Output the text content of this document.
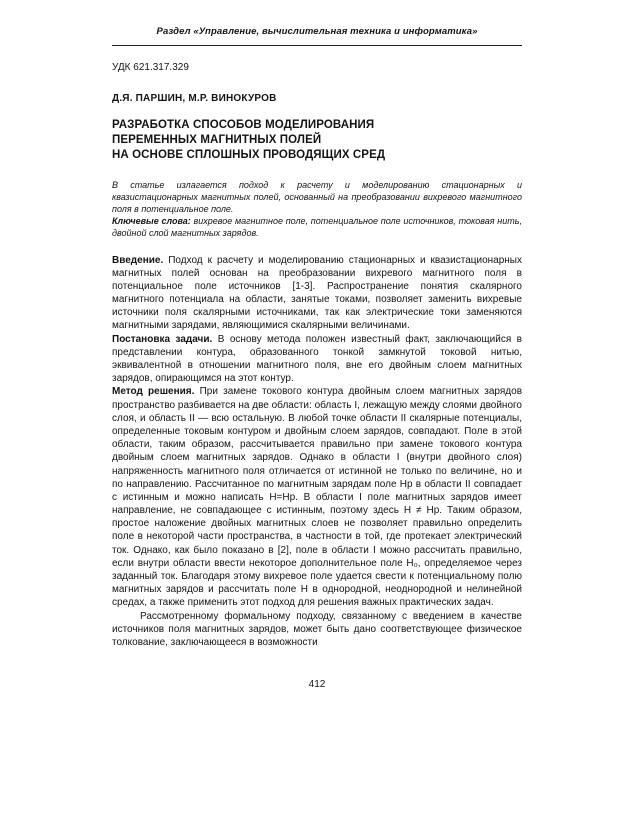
Раздел «Управление, вычислительная техника и информатика»
УДК 621.317.329
Д.Я. ПАРШИН, М.Р. ВИНОКУРОВ
РАЗРАБОТКА СПОСОБОВ МОДЕЛИРОВАНИЯ
ПЕРЕМЕННЫХ МАГНИТНЫХ ПОЛЕЙ
НА ОСНОВЕ СПЛОШНЫХ ПРОВОДЯЩИХ СРЕД

В статье излагается подход к расчету и моделированию стационарных и квазистационарных магнитных полей, основанный на преобразовании вихревого магнитного поля в потенциальное поле.

Ключевые слова: вихревое магнитное поле, потенциальное поле источников, токовая нить, двойной слой магнитных зарядов.

Введение. Подход к расчету и моделированию стационарных и квазистационарных магнитных полей основан на преобразовании вихревого магнитного поля в потенциальное поле источников [1-3]. Распространение понятия скалярного магнитного потенциала на области, занятые токами, позволяет заменить вихревые источники поля скалярными источниками, так как электрические токи заменяются магнитными зарядами, являющимися скалярными величинами.

Постановка задачи. В основу метода положен известный факт, заключающийся в представлении контура, образованного тонкой замкнутой токовой нитью, эквивалентной в отношении магнитного поля, вне его двойным слоем магнитных зарядов, опирающимся на этот контур.

Метод решения. При замене токового контура двойным слоем магнитных зарядов пространство разбивается на две области: область I, лежащую между слоями двойного слоя, и область II — всю остальную. В любой точке области II скалярные потенциалы, определенные токовым контуром и двойным слоем зарядов, совпадают. Поле в этой области, таким образом, рассчитывается правильно при замене токового контура двойным слоем магнитных зарядов. Однако в области I (внутри двойного слоя) напряженность магнитного поля отличается от истинной не только по величине, но и по направлению. Рассчитанное по магнитным зарядам поле Hр в области II совпадает с истинным и можно написать H=Hр. В области I поле магнитных зарядов имеет направление, не совпадающее с истинным, поэтому здесь H ≠ Hр. Таким образом, простое наложение двойных магнитных слоев не позволяет правильно определить поле в некоторой части пространства, в частности в той, где протекает электрический ток. Однако, как было показано в [2], поле в области I можно рассчитать правильно, если внутри области ввести некоторое дополнительное поле H₀, определяемое через заданный ток. Благодаря этому вихревое поле удается свести к потенциальному полю магнитных зарядов и рассчитать поле H в однородной, неоднородной и нелинейной средах, а также применить этот подход для решения важных практических задач.

Рассмотренному формальному подходу, связанному с введением в качестве источников поля магнитных зарядов, может быть дано соответствующее физическое толкование, заключающееся в возможности

412
